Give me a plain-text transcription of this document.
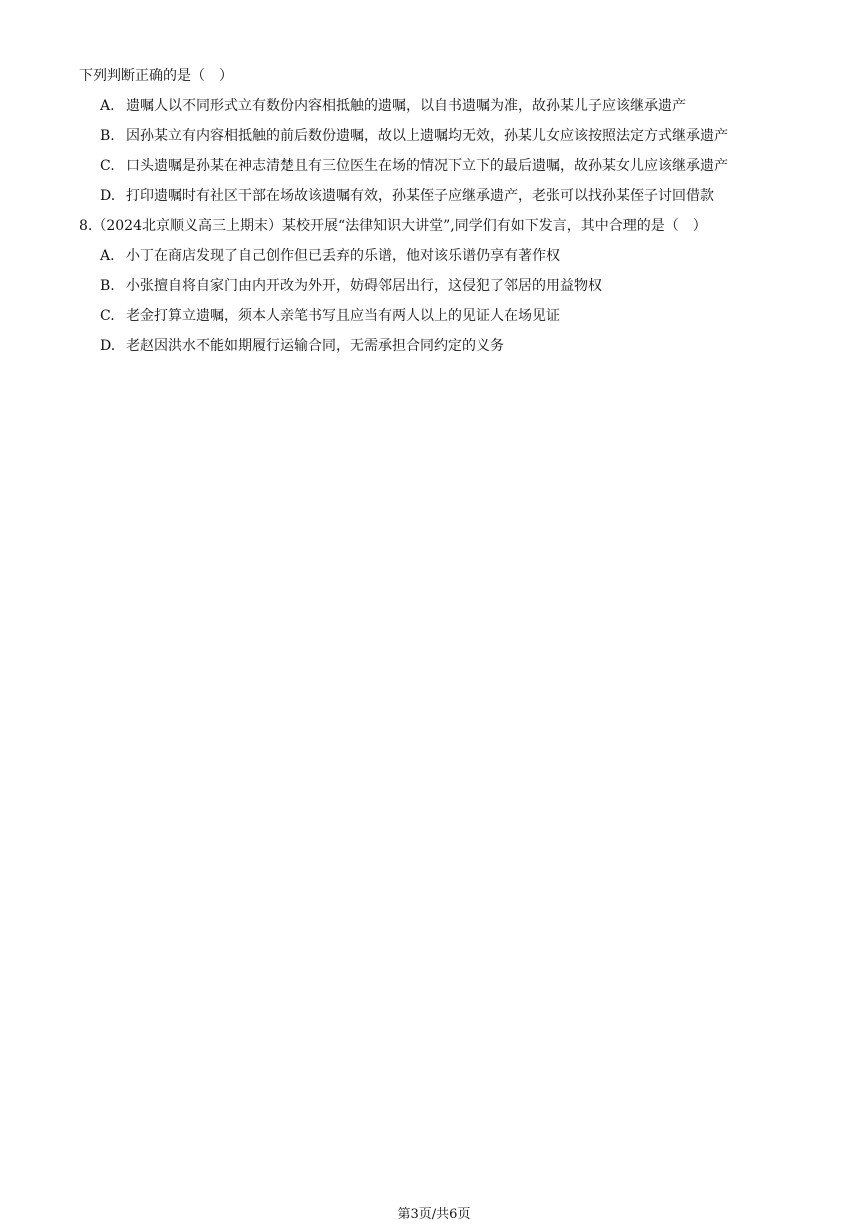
下列判断正确的是（　）
A. 遗嘱人以不同形式立有数份内容相抵触的遗嘱，以自书遗嘱为准，故孙某儿子应该继承遗产
B. 因孙某立有内容相抵触的前后数份遗嘱，故以上遗嘱均无效，孙某儿女应该按照法定方式继承遗产
C. 口头遗嘱是孙某在神志清楚且有三位医生在场的情况下立下的最后遗嘱，故孙某女儿应该继承遗产
D. 打印遗嘱时有社区干部在场故该遗嘱有效，孙某侄子应继承遗产，老张可以找孙某侄子讨回借款
8.（2024北京顺义高三上期末）某校开展“法律知识大讲堂”,同学们有如下发言，其中合理的是（　）
A. 小丁在商店发现了自己创作但已丢弃的乐谱，他对该乐谱仍享有著作权
B. 小张擅自将自家门由内开改为外开，妨碍邻居出行，这侵犯了邻居的用益物权
C. 老金打算立遗嘱，须本人亲笔书写且应当有两人以上的见证人在场见证
D. 老赵因洪水不能如期履行运输合同，无需承担合同约定的义务
第3页/共6页
